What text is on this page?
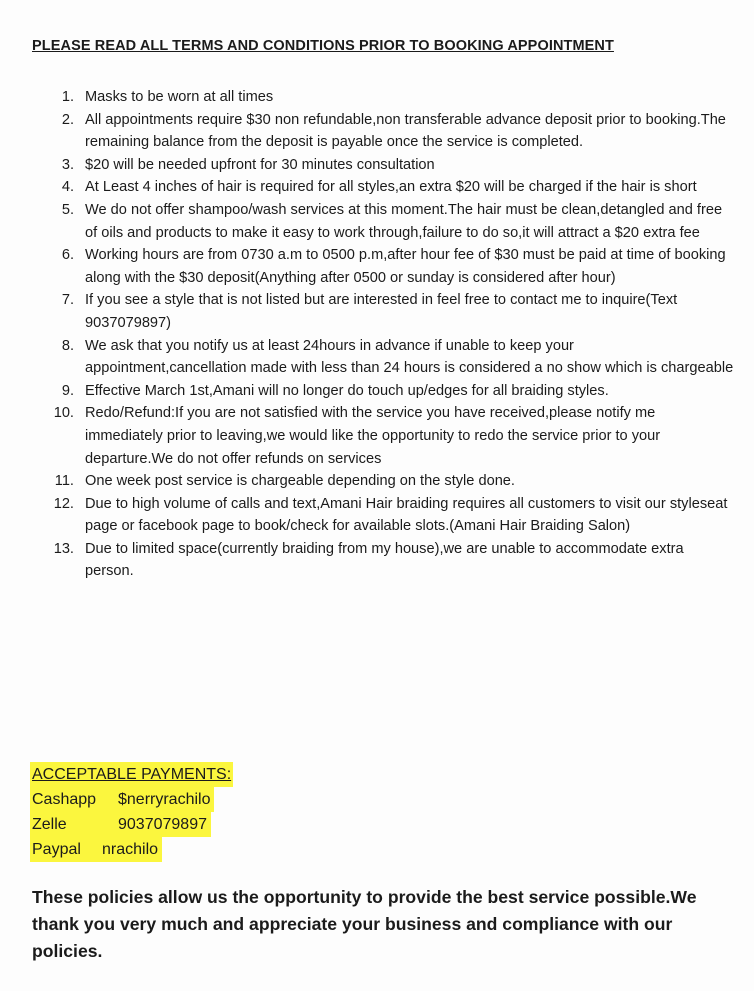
PLEASE READ ALL TERMS AND CONDITIONS PRIOR TO BOOKING APPOINTMENT
1. Masks to be worn at all times
2. All appointments require $30 non refundable,non transferable advance deposit prior to booking.The remaining balance from the deposit is payable once the service is completed.
3. $20 will be needed upfront for 30 minutes consultation
4. At Least 4 inches of hair is required for all styles,an extra $20 will be charged if the hair is short
5. We do not offer shampoo/wash services at this moment.The hair must be clean,detangled and free of oils and products to make it easy to work through,failure to do so,it will attract a $20 extra fee
6. Working hours are from 0730 a.m to 0500 p.m,after hour fee of $30 must be paid at time of booking along with the $30 deposit(Anything after 0500 or sunday is considered after hour)
7. If you see a style that is not listed but are interested in feel free to contact me to inquire(Text 9037079897)
8. We ask that you notify us at least 24hours in advance if unable to keep your appointment,cancellation made with less than 24 hours is considered a no show which is chargeable
9. Effective March 1st,Amani will no longer do touch up/edges for all braiding styles.
10. Redo/Refund:If you are not satisfied with the service you have received,please notify me immediately prior to leaving,we would like the opportunity to redo the service prior to your departure.We do not offer refunds on services
11. One week post service is chargeable depending on the style done.
12. Due to high volume of calls and text,Amani Hair braiding requires all customers to visit our styleseat page or facebook page to book/check for available slots.(Amani Hair Braiding Salon)
13. Due to limited space(currently braiding from my house),we are unable to accommodate extra person.
ACCEPTABLE PAYMENTS:
Cashapp $nerryrachilo
Zelle	9037079897
Paypal nrachilo

These policies allow us the opportunity to provide the best service possible.We thank you very much and appreciate your business and compliance with our policies.
